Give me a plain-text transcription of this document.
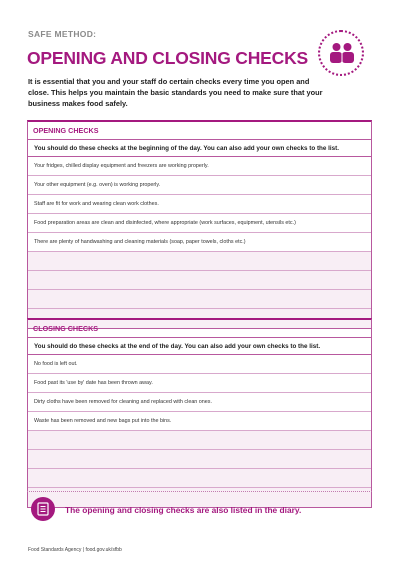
SAFE METHOD:
OPENING AND CLOSING CHECKS
It is essential that you and your staff do certain checks every time you open and close. This helps you maintain the basic standards you need to make sure that your business makes food safely.
OPENING CHECKS
You should do these checks at the beginning of the day. You can also add your own checks to the list.
Your fridges, chilled display equipment and freezers are working properly.
Your other equipment (e.g. oven) is working properly.
Staff are fit for work and wearing clean work clothes.
Food preparation areas are clean and disinfected, where appropriate (work surfaces, equipment, utensils etc.)
There are plenty of handwashing and cleaning materials (soap, paper towels, cloths etc.)
CLOSING CHECKS
You should do these checks at the end of the day. You can also add your own checks to the list.
No food is left out.
Food past its 'use by' date has been thrown away.
Dirty cloths have been removed for cleaning and replaced with clean ones.
Waste has been removed and new bags put into the bins.
The opening and closing checks are also listed in the diary.
Food Standards Agency | food.gov.uk/sfbb
